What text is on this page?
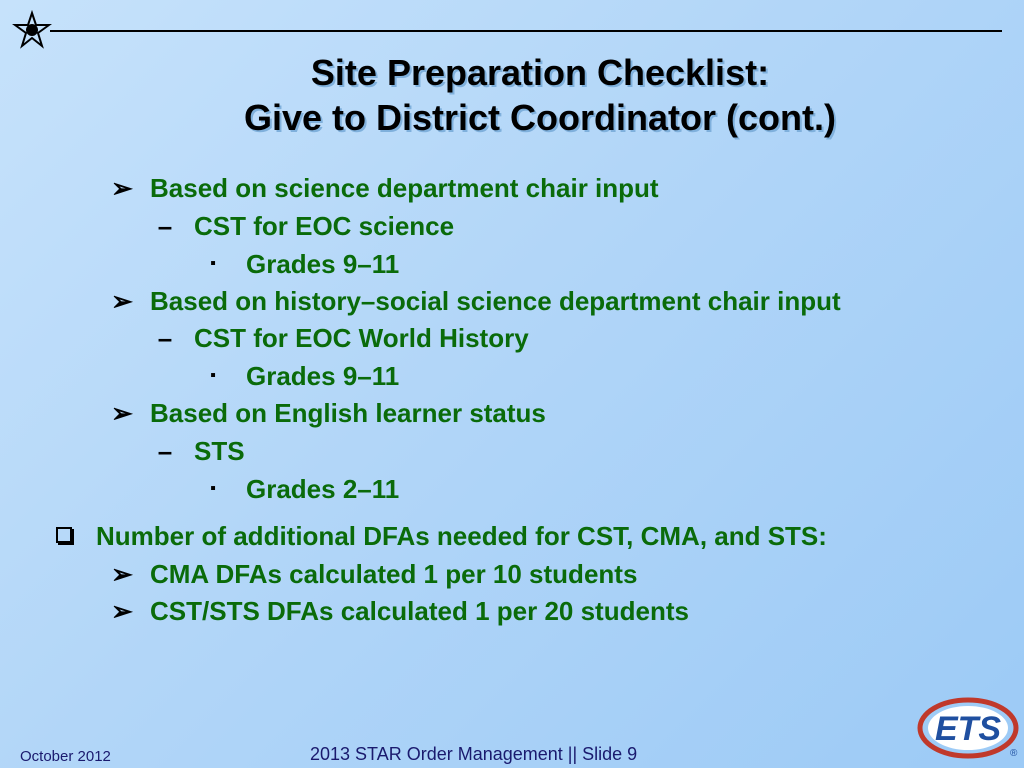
Site Preparation Checklist:
Give to District Coordinator (cont.)
➢ Based on science department chair input
– CST for EOC science
▪ Grades 9–11
➢ Based on history–social science department chair input
– CST for EOC World History
▪ Grades 9–11
➢ Based on English learner status
– STS
▪ Grades 2–11
Number of additional DFAs needed for CST, CMA, and STS:
➢ CMA DFAs calculated 1 per 10 students
➢ CST/STS DFAs calculated 1 per 20 students
October 2012	2013 STAR Order Management || Slide 9
ETS
®
